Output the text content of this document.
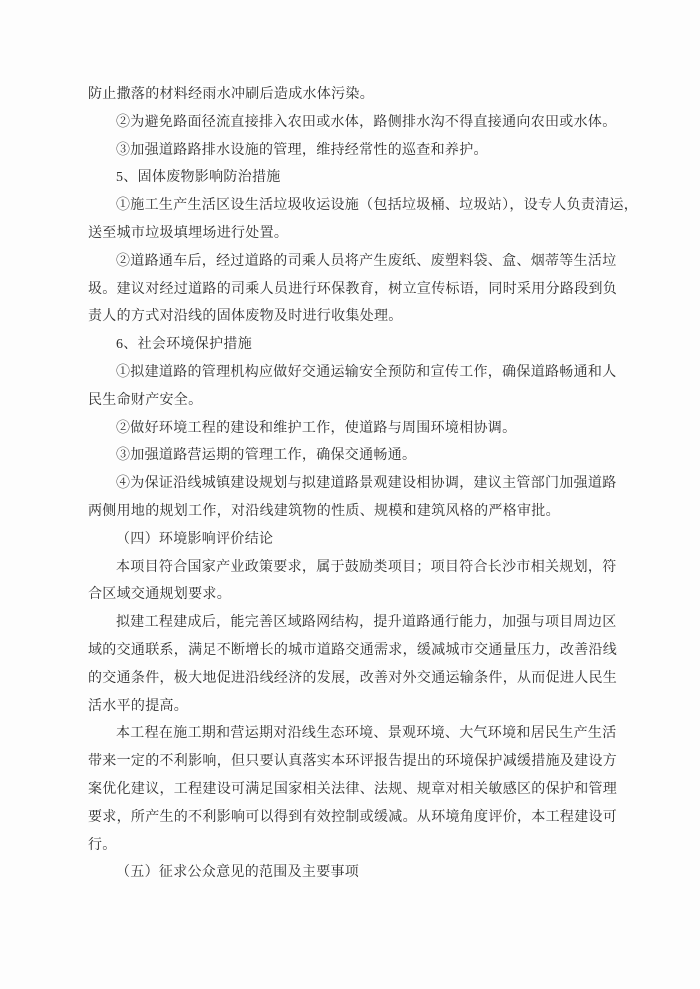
防止撒落的材料经雨水冲刷后造成水体污染。
②为避免路面径流直接排入农田或水体，路侧排水沟不得直接通向农田或水体。
③加强道路路排水设施的管理，维持经常性的巡查和养护。
5、固体废物影响防治措施
①施工生产生活区设生活垃圾收运设施（包括垃圾桶、垃圾站），设专人负责清运，
送至城市垃圾填埋场进行处置。
②道路通车后，经过道路的司乘人员将产生废纸、废塑料袋、盒、烟蒂等生活垃
圾。建议对经过道路的司乘人员进行环保教育，树立宣传标语，同时采用分路段到负
责人的方式对沿线的固体废物及时进行收集处理。
6、社会环境保护措施
①拟建道路的管理机构应做好交通运输安全预防和宣传工作，确保道路畅通和人
民生命财产安全。
②做好环境工程的建设和维护工作，使道路与周围环境相协调。
③加强道路营运期的管理工作，确保交通畅通。
④为保证沿线城镇建设规划与拟建道路景观建设相协调，建议主管部门加强道路
两侧用地的规划工作，对沿线建筑物的性质、规模和建筑风格的严格审批。
（四）环境影响评价结论
本项目符合国家产业政策要求，属于鼓励类项目；项目符合长沙市相关规划，符
合区域交通规划要求。
拟建工程建成后，能完善区域路网结构，提升道路通行能力，加强与项目周边区
域的交通联系，满足不断增长的城市道路交通需求，缓减城市交通量压力，改善沿线
的交通条件，极大地促进沿线经济的发展，改善对外交通运输条件，从而促进人民生
活水平的提高。
本工程在施工期和营运期对沿线生态环境、景观环境、大气环境和居民生产生活
带来一定的不利影响，但只要认真落实本环评报告提出的环境保护减缓措施及建设方
案优化建议，工程建设可满足国家相关法律、法规、规章对相关敏感区的保护和管理
要求，所产生的不利影响可以得到有效控制或缓减。从环境角度评价，本工程建设可
行。
（五）征求公众意见的范围及主要事项
